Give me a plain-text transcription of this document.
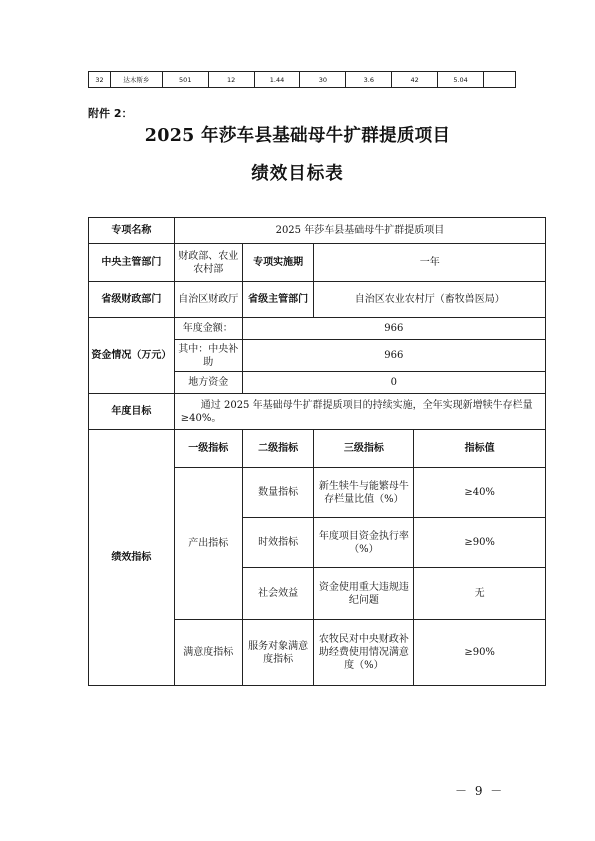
32	达木斯乡	501	12	1.44	30	3.6	42	5.04	
附件 2：
2025 年莎车县基础母牛扩群提质项目
绩效目标表
专项名称	2025 年莎车县基础母牛扩群提质项目			
中央主管部门	财政部、农业农村部	专项实施期	一年	
省级财政部门	自治区财政厅	省级主管部门	自治区农业农村厅（畜牧兽医局）	
资金情况（万元）	年度金额：	966		
	其中：中央补助	966		
	地方资金	0		
年度目标	通过 2025 年基础母牛扩群提质项目的持续实施，全年实现新增犊牛存栏量≥40%。			
绩效指标	一级指标	二级指标	三级指标	指标值
	产出指标	数量指标	新生犊牛与能繁母牛存栏量比值（%）	≥40%
		时效指标	年度项目资金执行率（%）	≥90%
		社会效益	资金使用重大违规违纪问题	无
	满意度指标	服务对象满意度指标	农牧民对中央财政补助经费使用情况满意度（%）	≥90%
－ 9 －
